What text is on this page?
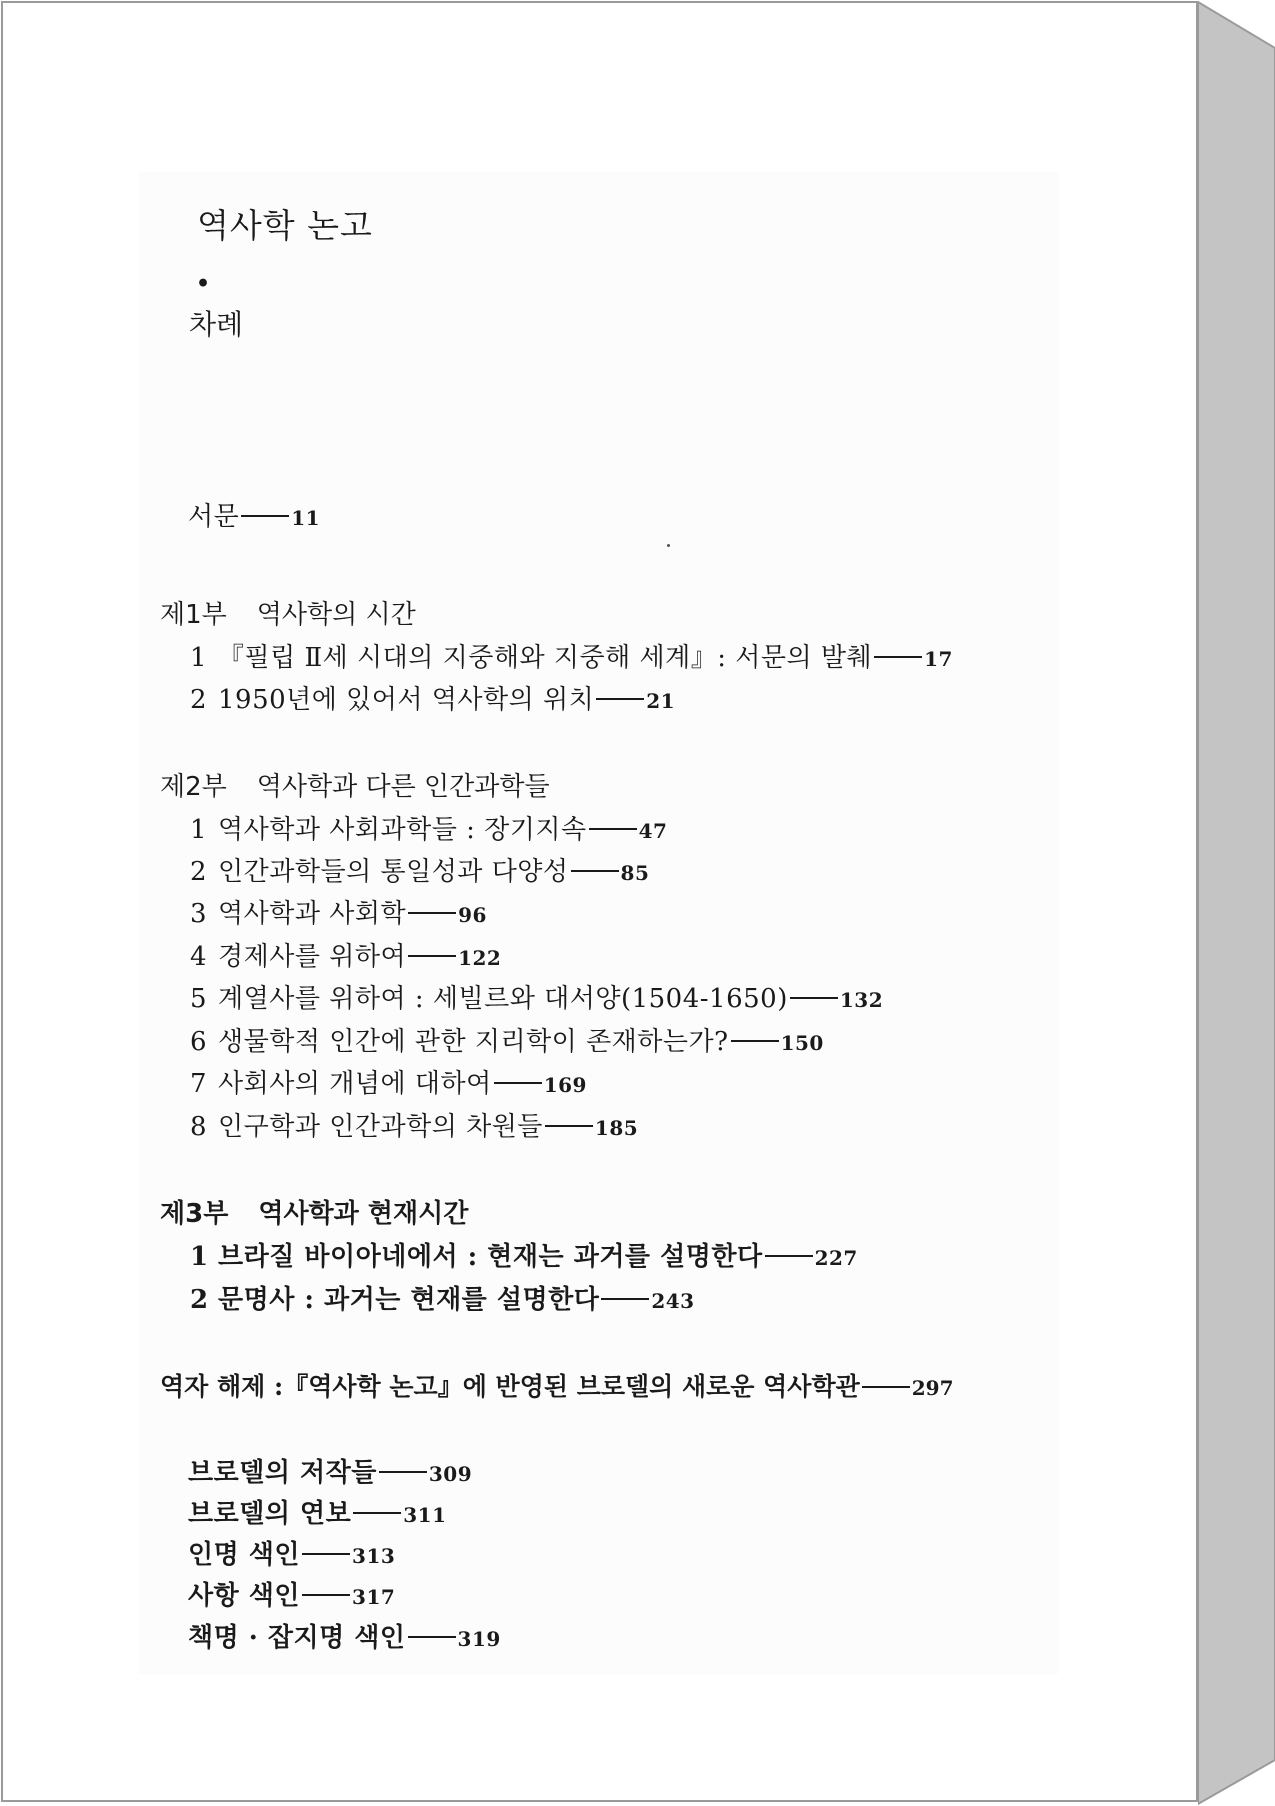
역사학 논고
•
차례
서문	11
제1부 역사학의 시간
1 『필립 Ⅱ세 시대의 지중해와 지중해 세계』: 서문의 발췌	17
2 1950년에 있어서 역사학의 위치	21
제2부 역사학과 다른 인간과학들
1 역사학과 사회과학들 : 장기지속	47
2 인간과학들의 통일성과 다양성	85
3 역사학과 사회학	96
4 경제사를 위하여	122
5 계열사를 위하여 : 세빌르와 대서양(1504-1650)	132
6 생물학적 인간에 관한 지리학이 존재하는가?	150
7 사회사의 개념에 대하여	169
8 인구학과 인간과학의 차원들	185
제3부 역사학과 현재시간
1 브라질 바이아네에서 : 현재는 과거를 설명한다	227
2 문명사 : 과거는 현재를 설명한다	243
역자 해제 :『역사학 논고』에 반영된 브로델의 새로운 역사학관	297
브로델의 저작들	309
브로델의 연보	311
인명 색인	313
사항 색인	317
책명 · 잡지명 색인	319
